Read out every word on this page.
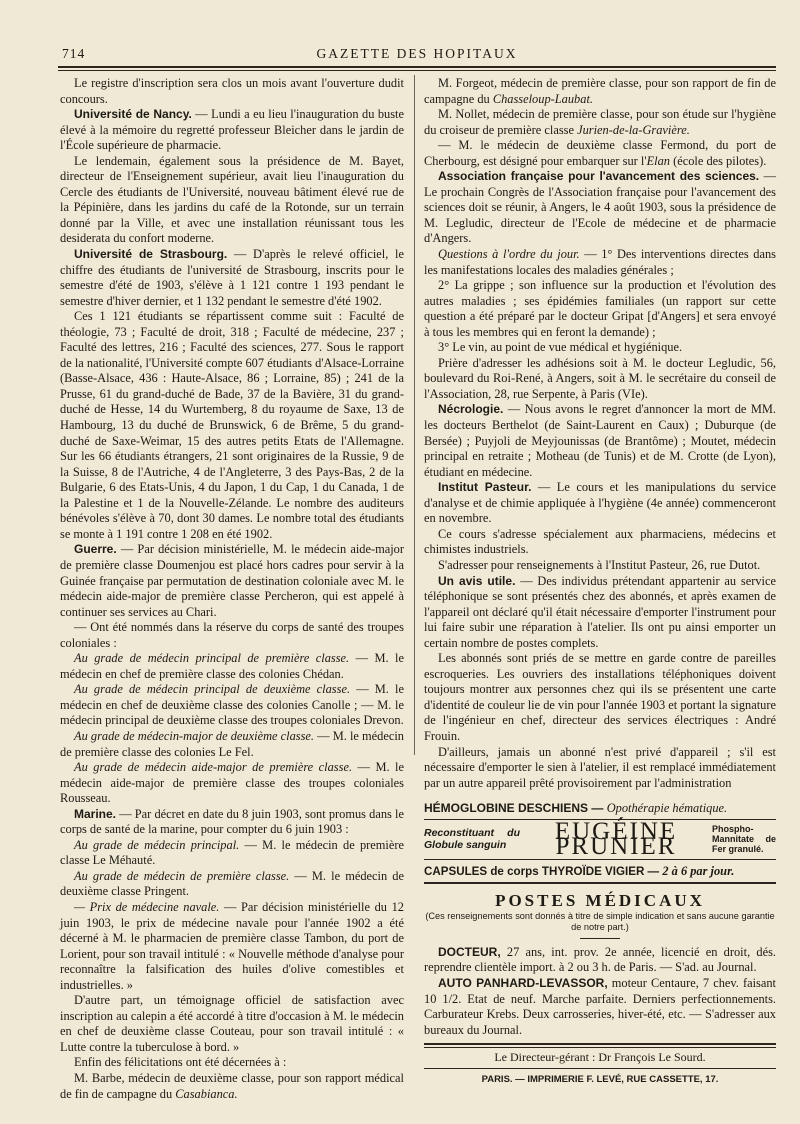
714	GAZETTE DES HOPITAUX

Le registre d'inscription sera clos un mois avant l'ouverture dudit concours.

Université de Nancy. — Lundi a eu lieu l'inauguration du buste élevé à la mémoire du regretté professeur Bleicher dans le jardin de l'École supérieure de pharmacie.

Le lendemain, également sous la présidence de M. Bayet, directeur de l'Enseignement supérieur, avait lieu l'inauguration du Cercle des étudiants de l'Université, nouveau bâtiment élevé rue de la Pépinière, dans les jardins du café de la Rotonde, sur un terrain donné par la Ville, et avec une installation réunissant tous les desiderata du confort moderne.

Université de Strasbourg. — D'après le relevé officiel, le chiffre des étudiants de l'université de Strasbourg, inscrits pour le semestre d'été de 1903, s'élève à 1 121 contre 1 193 pendant le semestre d'hiver dernier, et 1 132 pendant le semestre d'été 1902.

Ces 1 121 étudiants se répartissent comme suit : Faculté de théologie, 73 ; Faculté de droit, 318 ; Faculté de médecine, 237 ; Faculté des lettres, 216 ; Faculté des sciences, 277. Sous le rapport de la nationalité, l'Université compte 607 étudiants d'Alsace-Lorraine (Basse-Alsace, 436 : Haute-Alsace, 86 ; Lorraine, 85) ; 241 de la Prusse, 61 du grand-duché de Bade, 37 de la Bavière, 31 du grand-duché de Hesse, 14 du Wurtemberg, 8 du royaume de Saxe, 13 de Hambourg, 13 du duché de Brunswick, 6 de Brême, 5 du grand-duché de Saxe-Weimar, 15 des autres petits Etats de l'Allemagne. Sur les 66 étudiants étrangers, 21 sont originaires de la Russie, 9 de la Suisse, 8 de l'Autriche, 4 de l'Angleterre, 3 des Pays-Bas, 2 de la Bulgarie, 6 des Etats-Unis, 4 du Japon, 1 du Cap, 1 du Canada, 1 de la Palestine et 1 de la Nouvelle-Zélande. Le nombre des auditeurs bénévoles s'élève à 70, dont 30 dames. Le nombre total des étudiants se monte à 1 191 contre 1 208 en été 1902.

Guerre. — Par décision ministérielle, M. le médecin aide-major de première classe Doumenjou est placé hors cadres pour servir à la Guinée française par permutation de destination coloniale avec M. le médecin aide-major de première classe Percheron, qui est appelé à continuer ses services au Chari.

— Ont été nommés dans la réserve du corps de santé des troupes coloniales :

Au grade de médecin principal de première classe. — M. le médecin en chef de première classe des colonies Chédan.

Au grade de médecin principal de deuxième classe. — M. le médecin en chef de deuxième classe des colonies Canolle ; — M. le médecin principal de deuxième classe des troupes coloniales Drevon.

Au grade de médecin-major de deuxième classe. — M. le médecin de première classe des colonies Le Fel.

Au grade de médecin aide-major de première classe. — M. le médecin aide-major de première classe des troupes coloniales Rousseau.

Marine. — Par décret en date du 8 juin 1903, sont promus dans le corps de santé de la marine, pour compter du 6 juin 1903 :

Au grade de médecin principal. — M. le médecin de première classe Le Méhauté.

Au grade de médecin de première classe. — M. le médecin de deuxième classe Pringent.

— Prix de médecine navale. — Par décision ministérielle du 12 juin 1903, le prix de médecine navale pour l'année 1902 a été décerné à M. le pharmacien de première classe Tambon, du port de Lorient, pour son travail intitulé : « Nouvelle méthode d'analyse pour reconnaître la falsification des huiles d'olive comestibles et industrielles. »

D'autre part, un témoignage officiel de satisfaction avec inscription au calepin a été accordé à titre d'occasion à M. le médecin en chef de deuxième classe Couteau, pour son travail intitulé : « Lutte contre la tuberculose à bord. »

Enfin des félicitations ont été décernées à :

M. Barbe, médecin de deuxième classe, pour son rapport médical de fin de campagne du Casabianca.

M. Forgeot, médecin de première classe, pour son rapport de fin de campagne du Chasseloup-Laubat.

M. Nollet, médecin de première classe, pour son étude sur l'hygiène du croiseur de première classe Jurien-de-la-Gravière.

— M. le médecin de deuxième classe Fermond, du port de Cherbourg, est désigné pour embarquer sur l'Elan (école des pilotes).

Association française pour l'avancement des sciences. — Le prochain Congrès de l'Association française pour l'avancement des sciences doit se réunir, à Angers, le 4 août 1903, sous la présidence de M. Legludic, directeur de l'Ecole de médecine et de pharmacie d'Angers.

Questions à l'ordre du jour. — 1° Des interventions directes dans les manifestations locales des maladies générales ;

2° La grippe ; son influence sur la production et l'évolution des autres maladies ; ses épidémies familiales (un rapport sur cette question a été préparé par le docteur Gripat [d'Angers] et sera envoyé à tous les membres qui en feront la demande) ;

3° Le vin, au point de vue médical et hygiénique.

Prière d'adresser les adhésions soit à M. le docteur Legludic, 56, boulevard du Roi-René, à Angers, soit à M. le secrétaire du conseil de l'Association, 28, rue Serpente, à Paris (VIe).

Nécrologie. — Nous avons le regret d'annoncer la mort de MM. les docteurs Berthelot (de Saint-Laurent en Caux) ; Duburque (de Bersée) ; Puyjoli de Meyjounissas (de Brantôme) ; Moutet, médecin principal en retraite ; Motheau (de Tunis) et de M. Crotte (de Lyon), étudiant en médecine.

Institut Pasteur. — Le cours et les manipulations du service d'analyse et de chimie appliquée à l'hygiène (4e année) commenceront en novembre.

Ce cours s'adresse spécialement aux pharmaciens, médecins et chimistes industriels.

S'adresser pour renseignements à l'Institut Pasteur, 26, rue Dutot.

Un avis utile. — Des individus prétendant appartenir au service téléphonique se sont présentés chez des abonnés, et après examen de l'appareil ont déclaré qu'il était nécessaire d'emporter l'instrument pour lui faire subir une réparation à l'atelier. Ils ont pu ainsi emporter un certain nombre de postes complets.

Les abonnés sont priés de se mettre en garde contre de pareilles escroqueries. Les ouvriers des installations téléphoniques doivent toujours montrer aux personnes chez qui ils se présentent une carte d'identité de couleur lie de vin pour l'année 1903 et portant la signature de l'ingénieur en chef, directeur des services électriques : André Frouin.

D'ailleurs, jamais un abonné n'est privé d'appareil ; s'il est nécessaire d'emporter le sien à l'atelier, il est remplacé immédiatement par un autre appareil prêté provisoirement par l'administration

HÉMOGLOBINE DESCHIENS — Opothérapie hématique.
Reconstituant du Globule sanguin
EUGÉINE PRUNIER
Phospho-Mannitate de Fer granulé.
CAPSULES de corps THYROÏDE VIGIER — 2 à 6 par jour.
POSTES MÉDICAUX
(Ces renseignements sont donnés à titre de simple indication et sans aucune garantie de notre part.)

DOCTEUR, 27 ans, int. prov. 2e année, licencié en droit, dés. reprendre clientèle import. à 2 ou 3 h. de Paris. — S'ad. au Journal.

AUTO PANHARD-LEVASSOR, moteur Centaure, 7 chev. faisant 10 1/2. Etat de neuf. Marche parfaite. Derniers perfectionnements. Carburateur Krebs. Deux carrosseries, hiver-été, etc. — S'adresser aux bureaux du Journal.

Le Directeur-gérant : Dr François Le Sourd.
PARIS. — IMPRIMERIE F. LEVÉ, RUE CASSETTE, 17.
